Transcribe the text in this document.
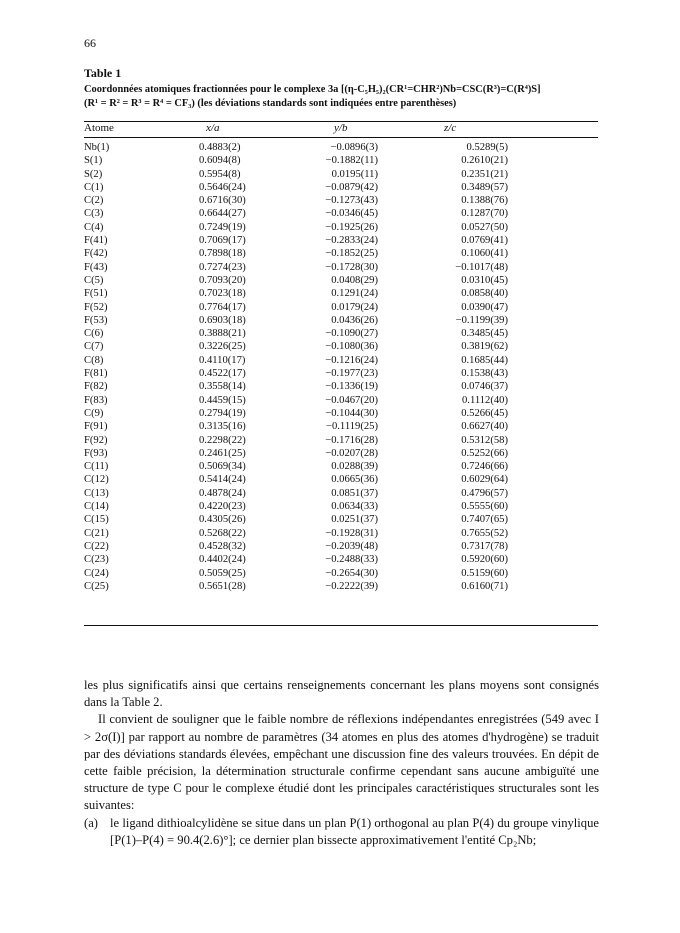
66
Table 1
Coordonnées atomiques fractionnées pour le complexe 3a [(η-C₅H₅)₂(CR¹=CHR²)Nb=CSC(R³)=C(R⁴)S]
(R¹ = R² = R³ = R⁴ = CF₃) (les déviations standards sont indiquées entre parenthèses)
Atome	x/a	y/b	z/c
Nb(1)	0.4883(2)	−0.0896(3)	0.5289(5)
S(1)	0.6094(8)	−0.1882(11)	0.2610(21)
S(2)	0.5954(8)	0.0195(11)	0.2351(21)
C(1)	0.5646(24)	−0.0879(42)	0.3489(57)
C(2)	0.6716(30)	−0.1273(43)	0.1388(76)
C(3)	0.6644(27)	−0.0346(45)	0.1287(70)
C(4)	0.7249(19)	−0.1925(26)	0.0527(50)
F(41)	0.7069(17)	−0.2833(24)	0.0769(41)
F(42)	0.7898(18)	−0.1852(25)	0.1060(41)
F(43)	0.7274(23)	−0.1728(30)	−0.1017(48)
C(5)	0.7093(20)	0.0408(29)	0.0310(45)
F(51)	0.7023(18)	0.1291(24)	0.0858(40)
F(52)	0.7764(17)	0.0179(24)	0.0390(47)
F(53)	0.6903(18)	0.0436(26)	−0.1199(39)
C(6)	0.3888(21)	−0.1090(27)	0.3485(45)
C(7)	0.3226(25)	−0.1080(36)	0.3819(62)
C(8)	0.4110(17)	−0.1216(24)	0.1685(44)
F(81)	0.4522(17)	−0.1977(23)	0.1538(43)
F(82)	0.3558(14)	−0.1336(19)	0.0746(37)
F(83)	0.4459(15)	−0.0467(20)	0.1112(40)
C(9)	0.2794(19)	−0.1044(30)	0.5266(45)
F(91)	0.3135(16)	−0.1119(25)	0.6627(40)
F(92)	0.2298(22)	−0.1716(28)	0.5312(58)
F(93)	0.2461(25)	−0.0207(28)	0.5252(66)
C(11)	0.5069(34)	0.0288(39)	0.7246(66)
C(12)	0.5414(24)	0.0665(36)	0.6029(64)
C(13)	0.4878(24)	0.0851(37)	0.4796(57)
C(14)	0.4220(23)	0.0634(33)	0.5555(60)
C(15)	0.4305(26)	0.0251(37)	0.7407(65)
C(21)	0.5268(22)	−0.1928(31)	0.7655(52)
C(22)	0.4528(32)	−0.2039(48)	0.7317(78)
C(23)	0.4402(24)	−0.2488(33)	0.5920(60)
C(24)	0.5059(25)	−0.2654(30)	0.5159(60)
C(25)	0.5651(28)	−0.2222(39)	0.6160(71)

les plus significatifs ainsi que certains renseignements concernant les plans moyens sont consignés dans la Table 2.

Il convient de souligner que le faible nombre de réflexions indépendantes enregistrées (549 avec I > 2σ(I)] par rapport au nombre de paramètres (34 atomes en plus des atomes d'hydrogène) se traduit par des déviations standards élevées, empêchant une discussion fine des valeurs trouvées. En dépit de cette faible précision, la détermination structurale confirme cependant sans aucune ambiguïté une structure de type C pour le complexe étudié dont les principales caractéristiques structurales sont les suivantes:

(a) le ligand dithioalcylidène se situe dans un plan P(1) orthogonal au plan P(4) du groupe vinylique [P(1)–P(4) = 90.4(2.6)°]; ce dernier plan bissecte approximativement l'entité Cp₂Nb;
